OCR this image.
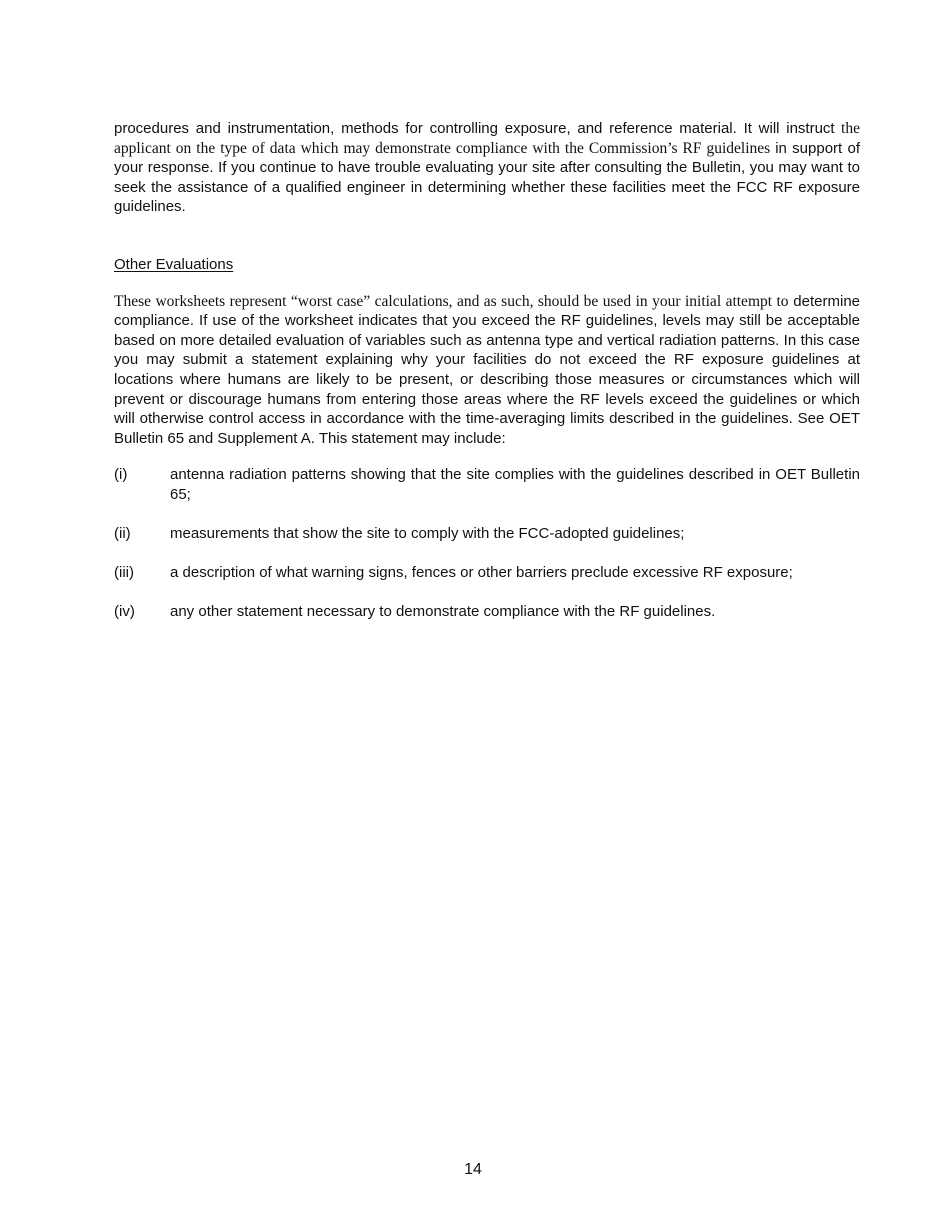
procedures and instrumentation, methods for controlling exposure, and reference material. It will instruct the applicant on the type of data which may demonstrate compliance with the Commission’s RF guidelines in support of your response. If you continue to have trouble evaluating your site after consulting the Bulletin, you may want to seek the assistance of a qualified engineer in determining whether these facilities meet the FCC RF exposure guidelines.

Other Evaluations

These worksheets represent “worst case” calculations, and as such, should be used in your initial attempt to determine compliance. If use of the worksheet indicates that you exceed the RF guidelines, levels may still be acceptable based on more detailed evaluation of variables such as antenna type and vertical radiation patterns. In this case you may submit a statement explaining why your facilities do not exceed the RF exposure guidelines at locations where humans are likely to be present, or describing those measures or circumstances which will prevent or discourage humans from entering those areas where the RF levels exceed the guidelines or which will otherwise control access in accordance with the time-averaging limits described in the guidelines. See OET Bulletin 65 and Supplement A. This statement may include:

(i)	antenna radiation patterns showing that the site complies with the guidelines described in OET Bulletin 65;
(ii)	measurements that show the site to comply with the FCC-adopted guidelines;
(iii)	a description of what warning signs, fences or other barriers preclude excessive RF exposure;
(iv)	any other statement necessary to demonstrate compliance with the RF guidelines.
14
